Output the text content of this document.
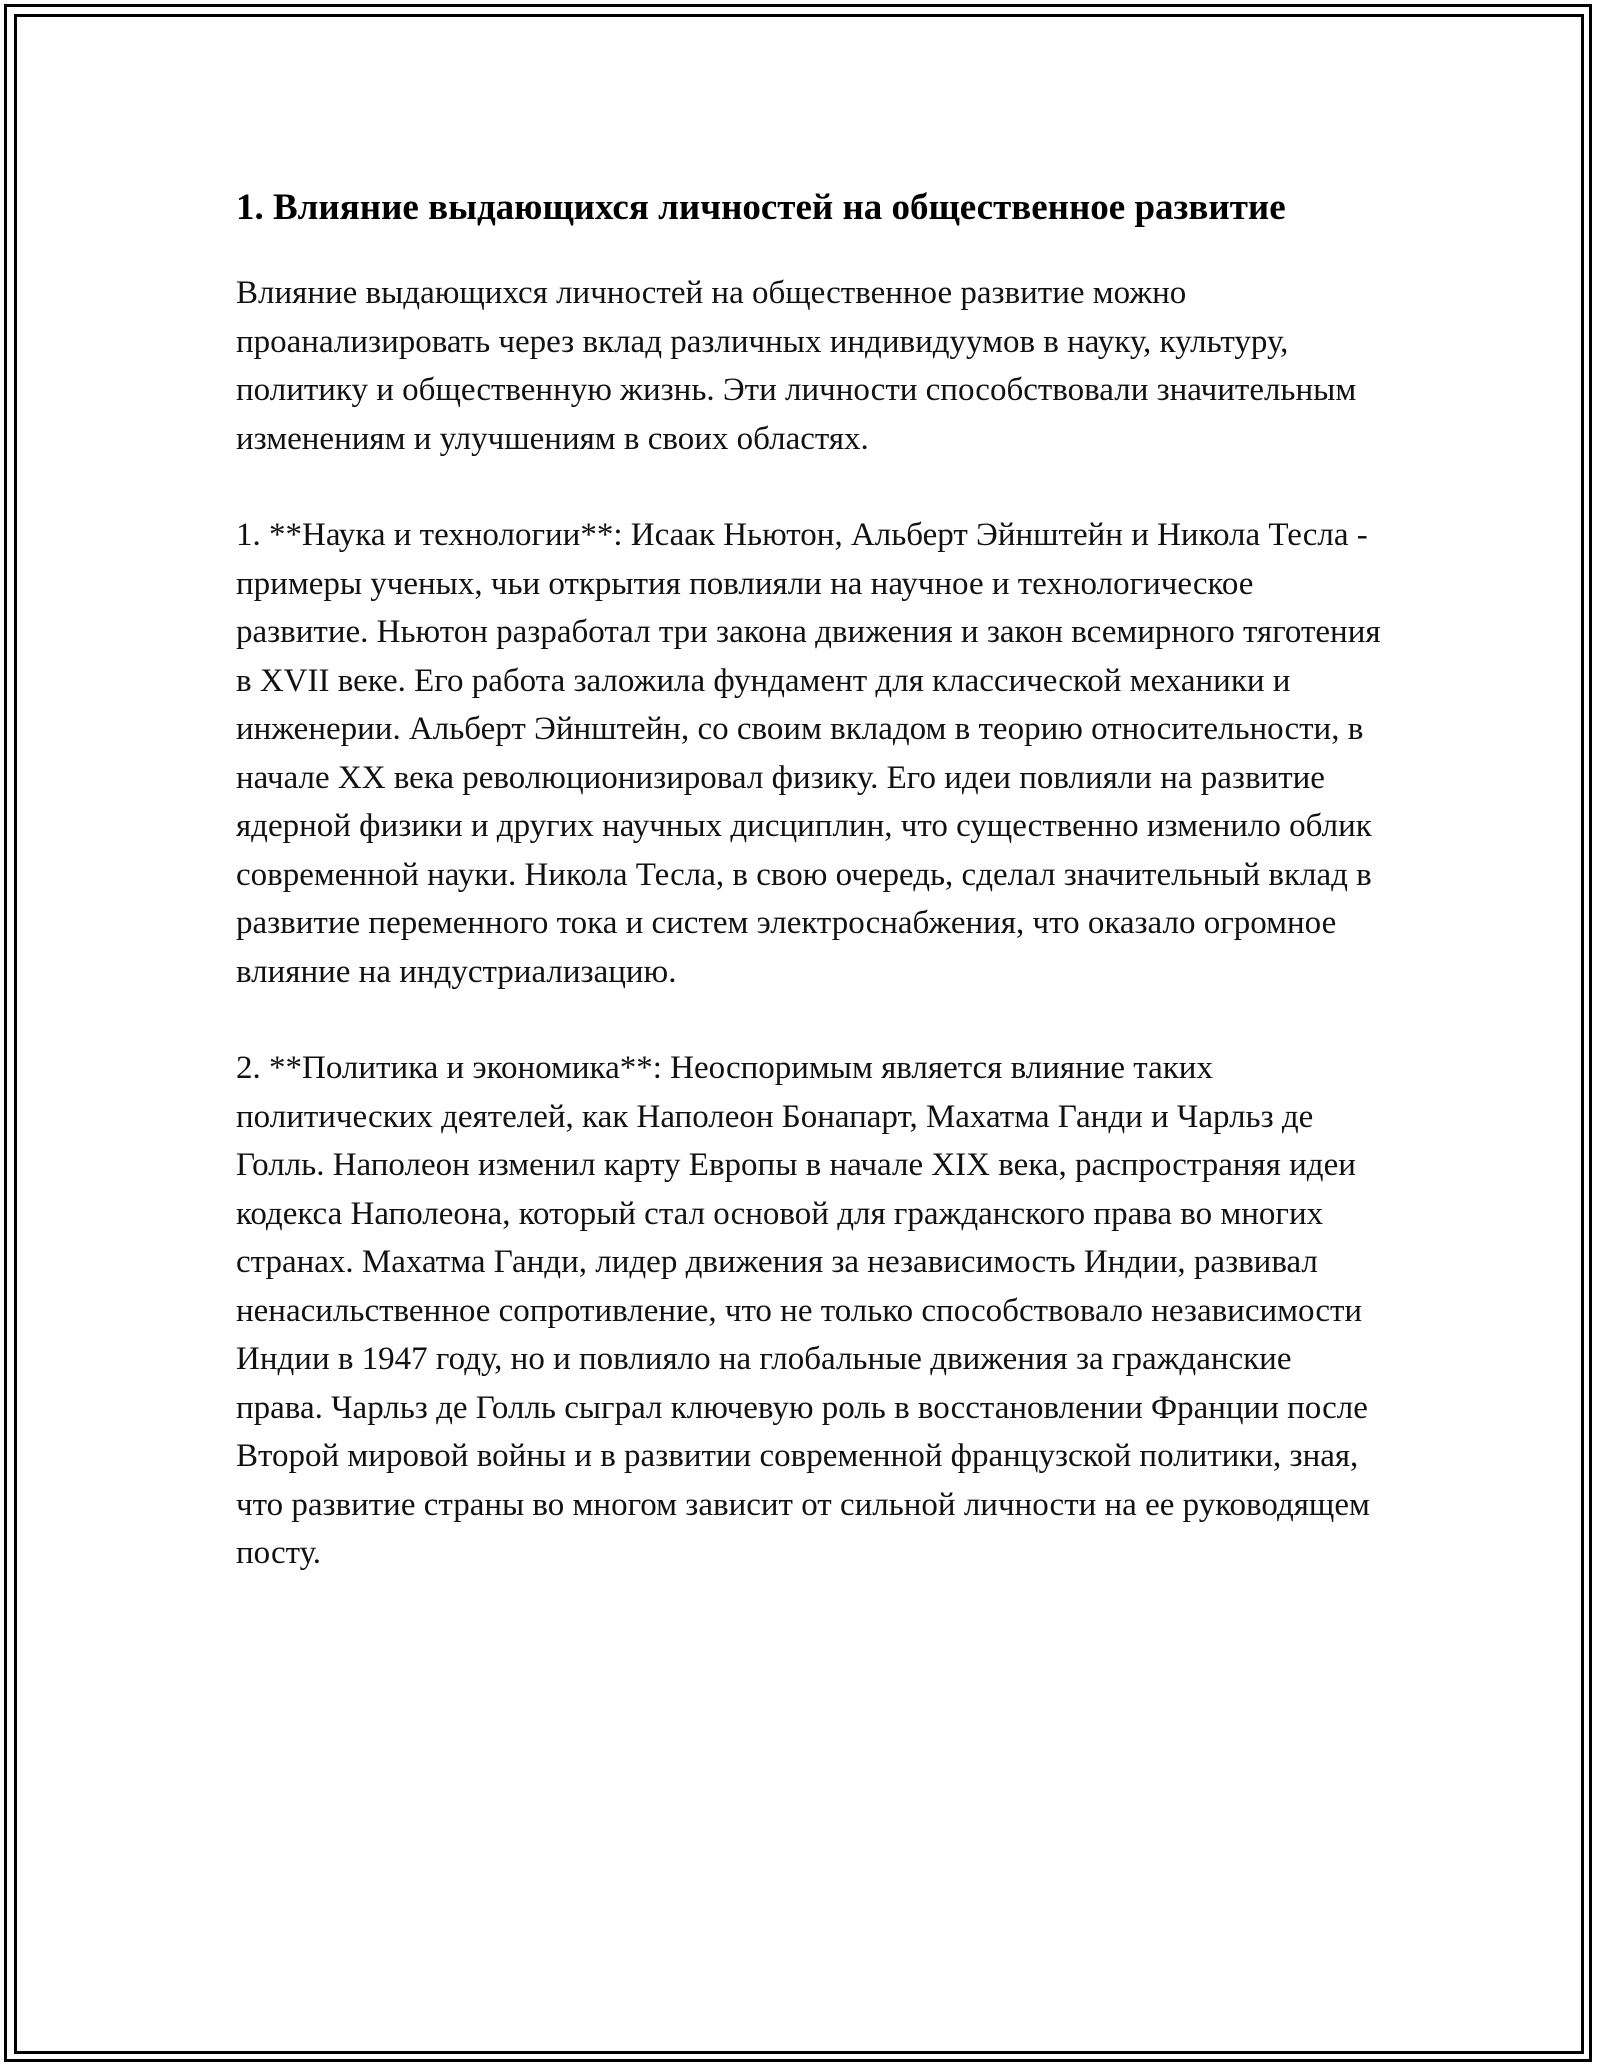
1. Влияние выдающихся личностей на общественное развитие

Влияние выдающихся личностей на общественное развитие можно проанализировать через вклад различных индивидуумов в науку, культуру, политику и общественную жизнь. Эти личности способствовали значительным изменениям и улучшениям в своих областях.

1. **Наука и технологии**: Исаак Ньютон, Альберт Эйнштейн и Никола Тесла - примеры ученых, чьи открытия повлияли на научное и технологическое развитие. Ньютон разработал три закона движения и закон всемирного тяготения в XVII веке. Его работа заложила фундамент для классической механики и инженерии. Альберт Эйнштейн, со своим вкладом в теорию относительности, в начале XX века революционизировал физику. Его идеи повлияли на развитие ядерной физики и других научных дисциплин, что существенно изменило облик современной науки. Никола Тесла, в свою очередь, сделал значительный вклад в развитие переменного тока и систем электроснабжения, что оказало огромное влияние на индустриализацию.

2. **Политика и экономика**: Неоспоримым является влияние таких политических деятелей, как Наполеон Бонапарт, Махатма Ганди и Чарльз де Голль. Наполеон изменил карту Европы в начале XIX века, распространяя идеи кодекса Наполеона, который стал основой для гражданского права во многих странах. Махатма Ганди, лидер движения за независимость Индии, развивал ненасильственное сопротивление, что не только способствовало независимости Индии в 1947 году, но и повлияло на глобальные движения за гражданские права. Чарльз де Голль сыграл ключевую роль в восстановлении Франции после Второй мировой войны и в развитии современной французской политики, зная, что развитие страны во многом зависит от сильной личности на ее руководящем посту.
